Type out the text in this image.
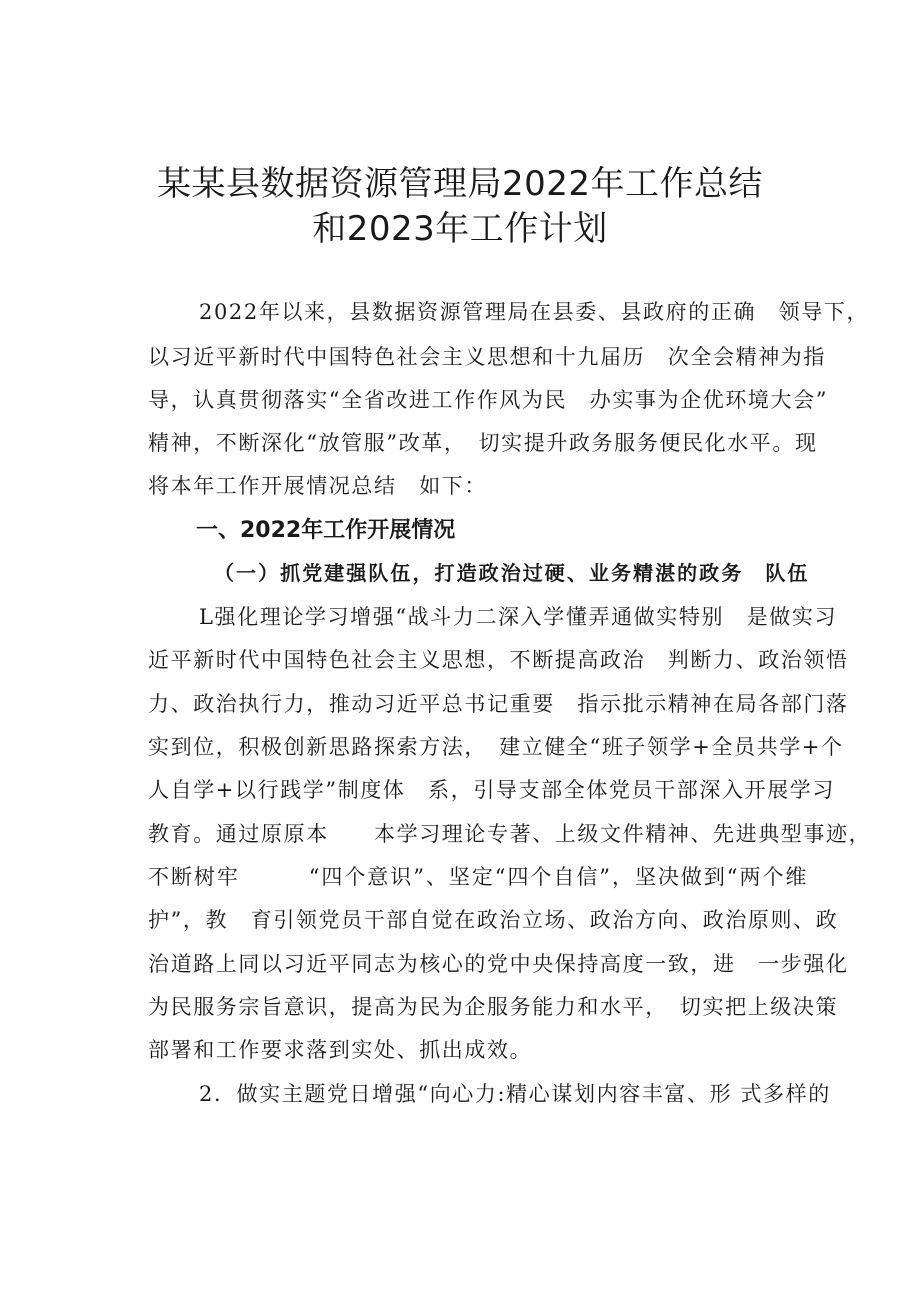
某某县数据资源管理局2022年工作总结
和2023年工作计划
2022年以来，县数据资源管理局在县委、县政府的正确　领导下，
以习近平新时代中国特色社会主义思想和十九届历　次全会精神为指
导，认真贯彻落实“全省改进工作作风为民　办实事为企优环境大会”
精神，不断深化“放管服”改革，　切实提升政务服务便民化水平。现
将本年工作开展情况总结　如下：
一、2022年工作开展情况
（一）抓党建强队伍，打造政治过硬、业务精湛的政务　队伍
L强化理论学习增强“战斗力二深入学懂弄通做实特别　是做实习
近平新时代中国特色社会主义思想，不断提高政治　判断力、政治领悟
力、政治执行力，推动习近平总书记重要　指示批示精神在局各部门落
实到位，积极创新思路探索方法，　建立健全“班子领学+全员共学+个
人自学+以行践学”制度体　系，引导支部全体党员干部深入开展学习
教育。通过原原本　　本学习理论专著、上级文件精神、先进典型事迹，
不断树牢　　　“四个意识”、坚定“四个自信”，坚决做到“两个维
护”，教　育引领党员干部自觉在政治立场、政治方向、政治原则、政
治道路上同以习近平同志为核心的党中央保持高度一致，进　一步强化
为民服务宗旨意识，提高为民为企服务能力和水平，　切实把上级决策
部署和工作要求落到实处、抓出成效。
2．做实主题党日增强“向心力:精心谋划内容丰富、形 式多样的
